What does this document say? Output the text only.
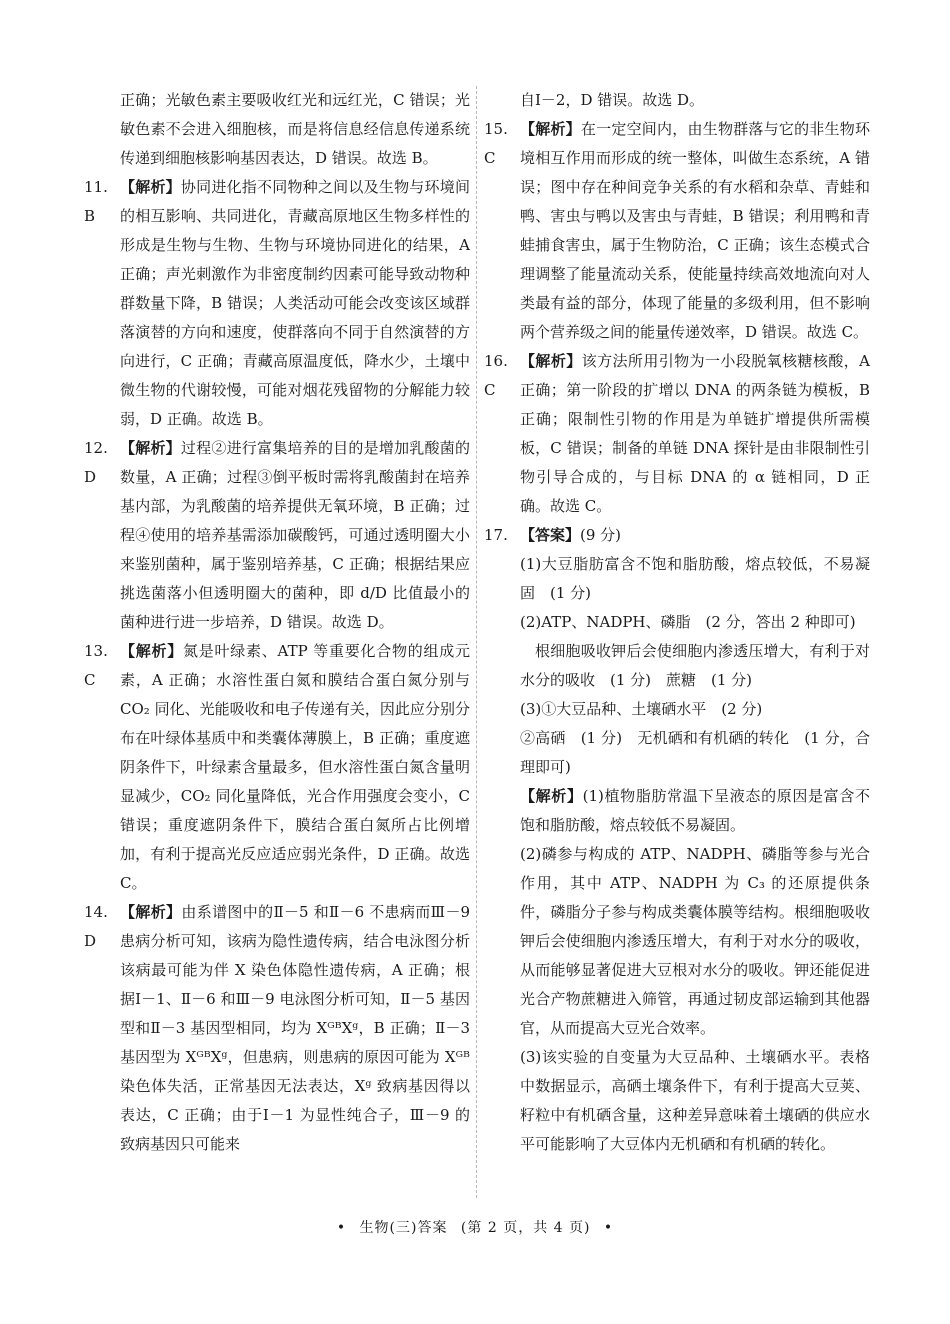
正确；光敏色素主要吸收红光和远红光，C 错误；光敏色素不会进入细胞核，而是将信息经信息传递系统传递到细胞核影响基因表达，D 错误。故选 B。

11. B

【解析】协同进化指不同物种之间以及生物与环境间的相互影响、共同进化，青藏高原地区生物多样性的形成是生物与生物、生物与环境协同进化的结果，A 正确；声光刺激作为非密度制约因素可能导致动物种群数量下降，B 错误；人类活动可能会改变该区域群落演替的方向和速度，使群落向不同于自然演替的方向进行，C 正确；青藏高原温度低，降水少，土壤中微生物的代谢较慢，可能对烟花残留物的分解能力较弱，D 正确。故选 B。

12. D

【解析】过程②进行富集培养的目的是增加乳酸菌的数量，A 正确；过程③倒平板时需将乳酸菌封在培养基内部，为乳酸菌的培养提供无氧环境，B 正确；过程④使用的培养基需添加碳酸钙，可通过透明圈大小来鉴别菌种，属于鉴别培养基，C 正确；根据结果应挑选菌落小但透明圈大的菌种，即 d/D 比值最小的菌种进行进一步培养，D 错误。故选 D。

13. C

【解析】氮是叶绿素、ATP 等重要化合物的组成元素，A 正确；水溶性蛋白氮和膜结合蛋白氮分别与 CO₂ 同化、光能吸收和电子传递有关，因此应分别分布在叶绿体基质中和类囊体薄膜上，B 正确；重度遮阴条件下，叶绿素含量最多，但水溶性蛋白氮含量明显减少，CO₂ 同化量降低，光合作用强度会变小，C 错误；重度遮阴条件下，膜结合蛋白氮所占比例增加，有利于提高光反应适应弱光条件，D 正确。故选 C。

14. D

【解析】由系谱图中的Ⅱ－5 和Ⅱ－6 不患病而Ⅲ－9 患病分析可知，该病为隐性遗传病，结合电泳图分析该病最可能为伴 X 染色体隐性遗传病，A 正确；根据Ⅰ－1、Ⅱ－6 和Ⅲ－9 电泳图分析可知，Ⅱ－5 基因型和Ⅱ－3 基因型相同，均为 XᴳᴮXᵍ，B 正确；Ⅱ－3 基因型为 XᴳᴮXᵍ，但患病，则患病的原因可能为 Xᴳᴮ 染色体失活，正常基因无法表达，Xᵍ 致病基因得以表达，C 正确；由于Ⅰ－1 为显性纯合子，Ⅲ－9 的致病基因只可能来

自Ⅰ－2，D 错误。故选 D。

15. C

【解析】在一定空间内，由生物群落与它的非生物环境相互作用而形成的统一整体，叫做生态系统，A 错误；图中存在种间竞争关系的有水稻和杂草、青蛙和鸭、害虫与鸭以及害虫与青蛙，B 错误；利用鸭和青蛙捕食害虫，属于生物防治，C 正确；该生态模式合理调整了能量流动关系，使能量持续高效地流向对人类最有益的部分，体现了能量的多级利用，但不影响两个营养级之间的能量传递效率，D 错误。故选 C。

16. C

【解析】该方法所用引物为一小段脱氧核糖核酸，A 正确；第一阶段的扩增以 DNA 的两条链为模板，B 正确；限制性引物的作用是为单链扩增提供所需模板，C 错误；制备的单链 DNA 探针是由非限制性引物引导合成的，与目标 DNA 的 α 链相同，D 正确。故选 C。

17. 【答案】(9 分)

(1)大豆脂肪富含不饱和脂肪酸，熔点较低，不易凝固　(1 分)

(2)ATP、NADPH、磷脂　(2 分，答出 2 种即可)

根细胞吸收钾后会使细胞内渗透压增大，有利于对水分的吸收　(1 分)　蔗糖　(1 分)

(3)①大豆品种、土壤硒水平　(2 分)

②高硒　(1 分)　无机硒和有机硒的转化　(1 分，合理即可)

【解析】(1)植物脂肪常温下呈液态的原因是富含不饱和脂肪酸，熔点较低不易凝固。

(2)磷参与构成的 ATP、NADPH、磷脂等参与光合作用，其中 ATP、NADPH 为 C₃ 的还原提供条件，磷脂分子参与构成类囊体膜等结构。根细胞吸收钾后会使细胞内渗透压增大，有利于对水分的吸收，从而能够显著促进大豆根对水分的吸收。钾还能促进光合产物蔗糖进入筛管，再通过韧皮部运输到其他器官，从而提高大豆光合效率。

(3)该实验的自变量为大豆品种、土壤硒水平。表格中数据显示，高硒土壤条件下，有利于提高大豆荚、籽粒中有机硒含量，这种差异意味着土壤硒的供应水平可能影响了大豆体内无机硒和有机硒的转化。

• 生物(三)答案 (第 2 页，共 4 页) •
